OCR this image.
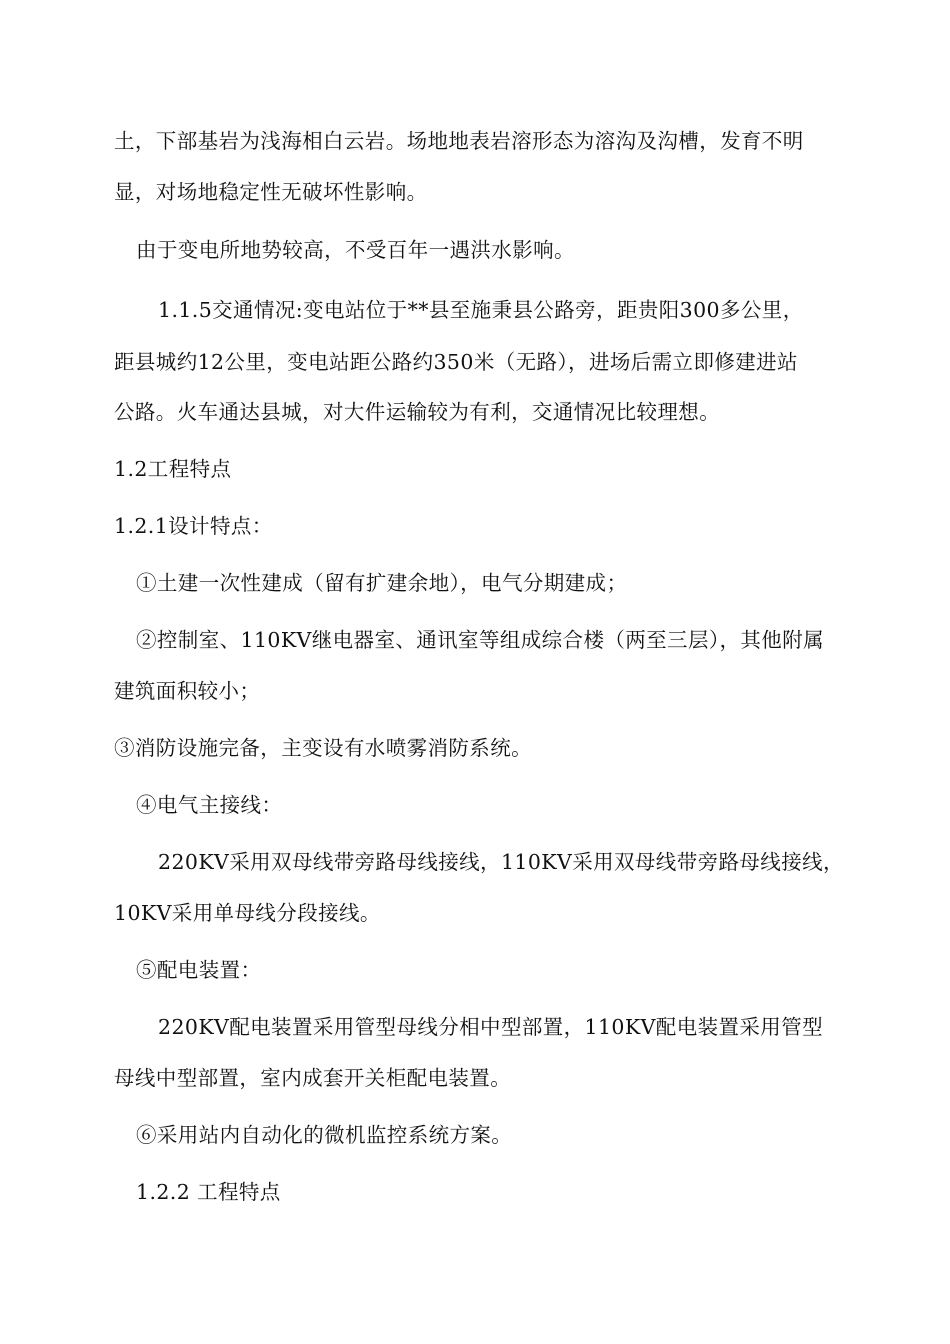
土，下部基岩为浅海相白云岩。场地地表岩溶形态为溶沟及沟槽，发育不明
显，对场地稳定性无破坏性影响。
由于变电所地势较高，不受百年一遇洪水影响。
1.1.5交通情况:变电站位于**县至施秉县公路旁，距贵阳300多公里，
距县城约12公里，变电站距公路约350米（无路），进场后需立即修建进站
公路。火车通达县城，对大件运输较为有利，交通情况比较理想。
1.2工程特点
1.2.1设计特点：
①土建一次性建成（留有扩建余地），电气分期建成；
②控制室、110KV继电器室、通讯室等组成综合楼（两至三层），其他附属
建筑面积较小；
③消防设施完备，主变设有水喷雾消防系统。
④电气主接线：
220KV采用双母线带旁路母线接线，110KV采用双母线带旁路母线接线，
10KV采用单母线分段接线。
⑤配电装置：
220KV配电装置采用管型母线分相中型部置，110KV配电装置采用管型
母线中型部置，室内成套开关柜配电装置。
⑥采用站内自动化的微机监控系统方案。
1.2.2 工程特点
